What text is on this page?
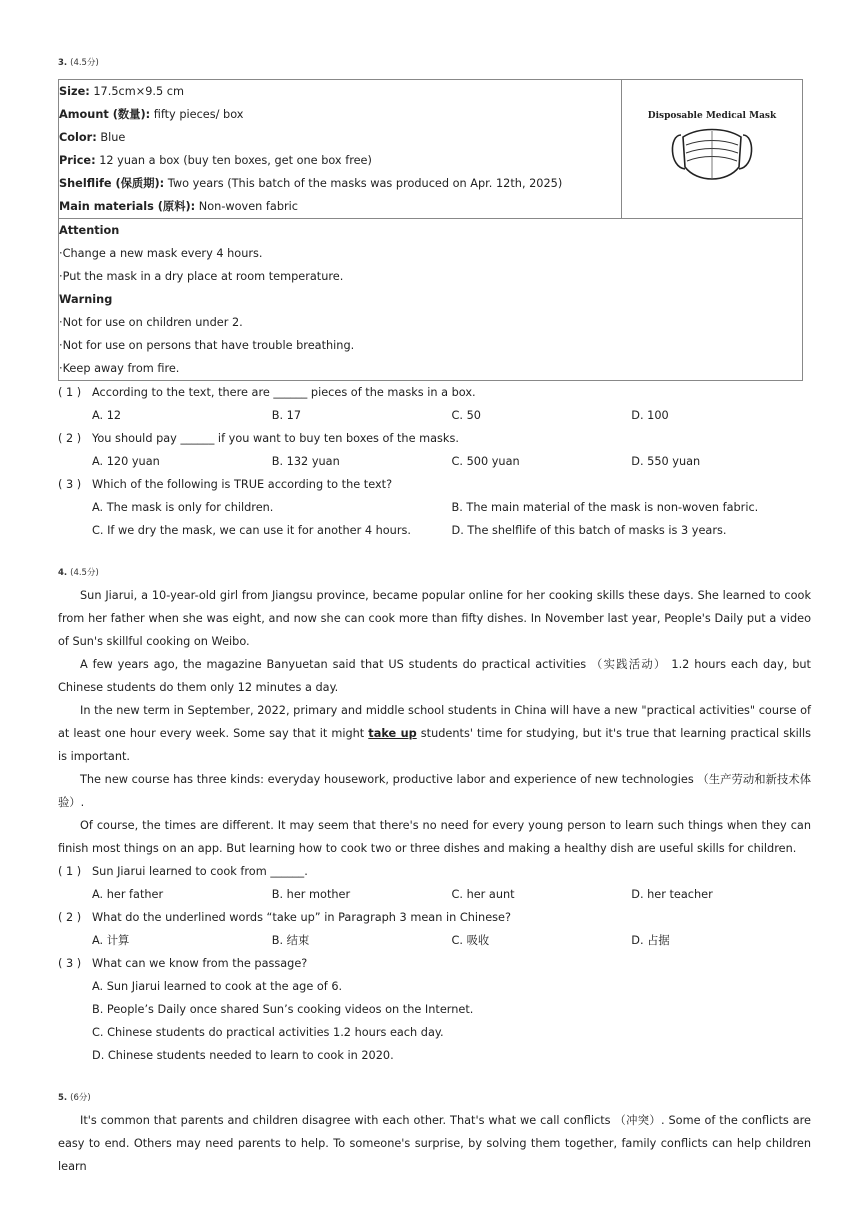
3. (4.5分)
Size: 17.5cm×9.5 cm
Amount (数量): fifty pieces/ box
Color: Blue
Price: 12 yuan a box (buy ten boxes, get one box free)
Shelflife (保质期): Two years (This batch of the masks was produced on Apr. 12th, 2025)
Main materials (原料): Non-woven fabric

Disposable Medical Mask

Attention
·Change a new mask every 4 hours.
·Put the mask in a dry place at room temperature.
Warning
·Not for use on children under 2.
·Not for use on persons that have trouble breathing.
·Keep away from fire.
( 1 ) According to the text, there are ______ pieces of the masks in a box.
A. 12	B. 17	C. 50	D. 100
( 2 ) You should pay ______ if you want to buy ten boxes of the masks.
A. 120 yuan	B. 132 yuan	C. 500 yuan	D. 550 yuan
( 3 ) Which of the following is TRUE according to the text?
A. The mask is only for children.	B. The main material of the mask is non-woven fabric.
C. If we dry the mask, we can use it for another 4 hours.	D. The shelflife of this batch of masks is 3 years.
4. (4.5分)

Sun Jiarui, a 10-year-old girl from Jiangsu province, became popular online for her cooking skills these days. She learned to cook from her father when she was eight, and now she can cook more than fifty dishes. In November last year, People's Daily put a video of Sun's skillful cooking on Weibo.

A few years ago, the magazine Banyuetan said that US students do practical activities （实践活动） 1.2 hours each day, but Chinese students do them only 12 minutes a day.

In the new term in September, 2022, primary and middle school students in China will have a new "practical activities" course of at least one hour every week. Some say that it might take up students' time for studying, but it's true that learning practical skills is important.

The new course has three kinds: everyday housework, productive labor and experience of new technologies （生产劳动和新技术体验）.

Of course, the times are different. It may seem that there's no need for every young person to learn such things when they can finish most things on an app. But learning how to cook two or three dishes and making a healthy dish are useful skills for children.

( 1 ) Sun Jiarui learned to cook from ______.
A. her father	B. her mother	C. her aunt	D. her teacher
( 2 ) What do the underlined words “take up” in Paragraph 3 mean in Chinese?
A. 计算	B. 结束	C. 吸收	D. 占据
( 3 ) What can we know from the passage?
A. Sun Jiarui learned to cook at the age of 6.
B. People’s Daily once shared Sun’s cooking videos on the Internet.
C. Chinese students do practical activities 1.2 hours each day.
D. Chinese students needed to learn to cook in 2020.
5. (6分)

It's common that parents and children disagree with each other. That's what we call conflicts （冲突）. Some of the conflicts are easy to end. Others may need parents to help. To someone's surprise, by solving them together, family conflicts can help children learn
